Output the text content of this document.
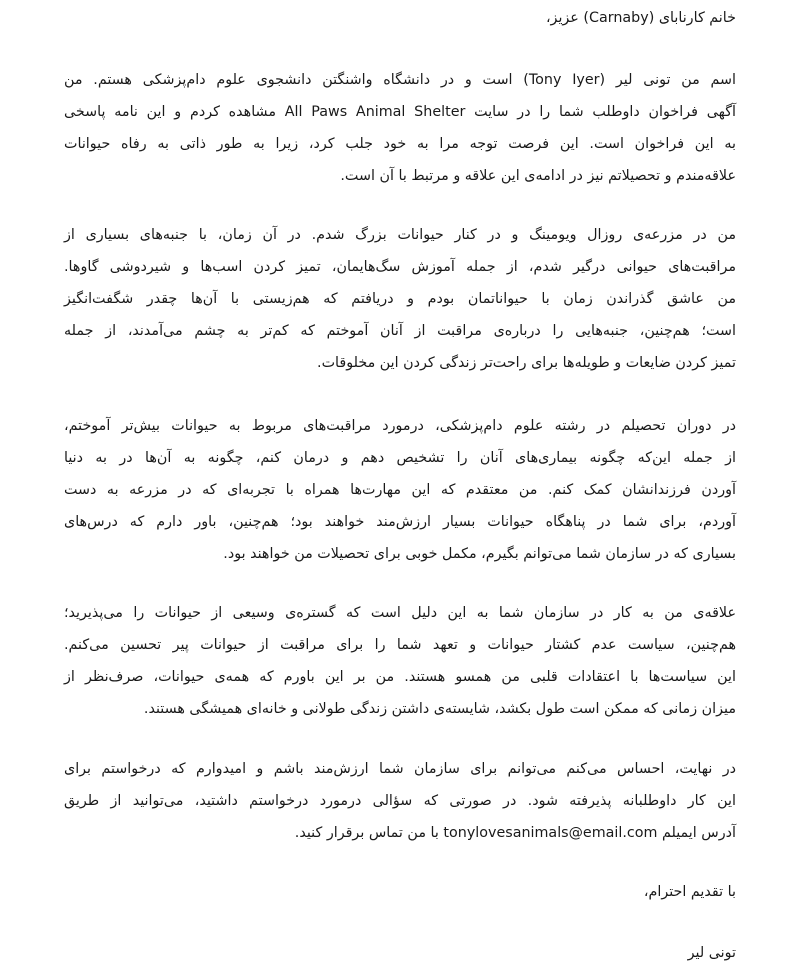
خانم کارنابای (Carnaby) عزیز،
اسم من تونی لیر (Tony Iyer) است و در دانشگاه واشنگتن دانشجوی علوم دام‌پزشکی هستم. من
آگهی فراخوان داوطلب شما را در سایت All Paws Animal Shelter مشاهده کردم و این نامه پاسخی
به این فراخوان است. این فرصت توجه مرا به خود جلب کرد، زیرا به طور ذاتی به رفاه حیوانات
علاقه‌مندم و تحصیلاتم نیز در ادامه‌ی این علاقه و مرتبط با آن است.
من در مزرعه‌ی روزال ویومینگ و در کنار حیوانات بزرگ شدم. در آن زمان، با جنبه‌های بسیاری از
مراقبت‌های حیوانی درگیر شدم، از جمله آموزش سگ‌هایمان، تمیز کردن اسب‌ها و شیردوشی گاوها.
من عاشق گذراندن زمان با حیواناتمان بودم و دریافتم که هم‌زیستی با آن‌ها چقدر شگفت‌انگیز
است؛ هم‌چنین، جنبه‌هایی را درباره‌ی مراقبت از آنان آموختم که کم‌تر به چشم می‌آمدند، از جمله
تمیز کردن ضایعات و طویله‌ها برای راحت‌تر زندگی کردن این مخلوقات.
در دوران تحصیلم در رشته علوم دام‌پزشکی، درمورد مراقبت‌های مربوط به حیوانات بیش‌تر آموختم،
از جمله این‌که چگونه بیماری‌های آنان را تشخیص دهم و درمان کنم، چگونه به آن‌ها در به دنیا
آوردن فرزندانشان کمک کنم. من معتقدم که این مهارت‌ها همراه با تجربه‌ای که در مزرعه به دست
آوردم، برای شما در پناهگاه حیوانات بسیار ارزش‌مند خواهند بود؛ هم‌چنین، باور دارم که درس‌های
بسیاری که در سازمان شما می‌توانم بگیرم، مکمل خوبی برای تحصیلات من خواهند بود.
علاقه‌ی من به کار در سازمان شما به این دلیل است که گستره‌ی وسیعی از حیوانات را می‌پذیرید؛
هم‌چنین، سیاست عدم کشتار حیوانات و تعهد شما را برای مراقبت از حیوانات پیر تحسین می‌کنم.
این سیاست‌ها با اعتقادات قلبی من همسو هستند. من بر این باورم که همه‌ی حیوانات، صرف‌نظر از
میزان زمانی که ممکن است طول بکشد، شایسته‌ی داشتن زندگی طولانی و خانه‌ای همیشگی هستند.
در نهایت، احساس می‌کنم می‌توانم برای سازمان شما ارزش‌مند باشم و امیدوارم که درخواستم برای
این کار داوطلبانه پذیرفته شود. در صورتی که سؤالی درمورد درخواستم داشتید، می‌توانید از طریق
آدرس ایمیلم tonylovesanimals@email.com با من تماس برقرار کنید.
با تقدیم احترام،
تونی لیر
